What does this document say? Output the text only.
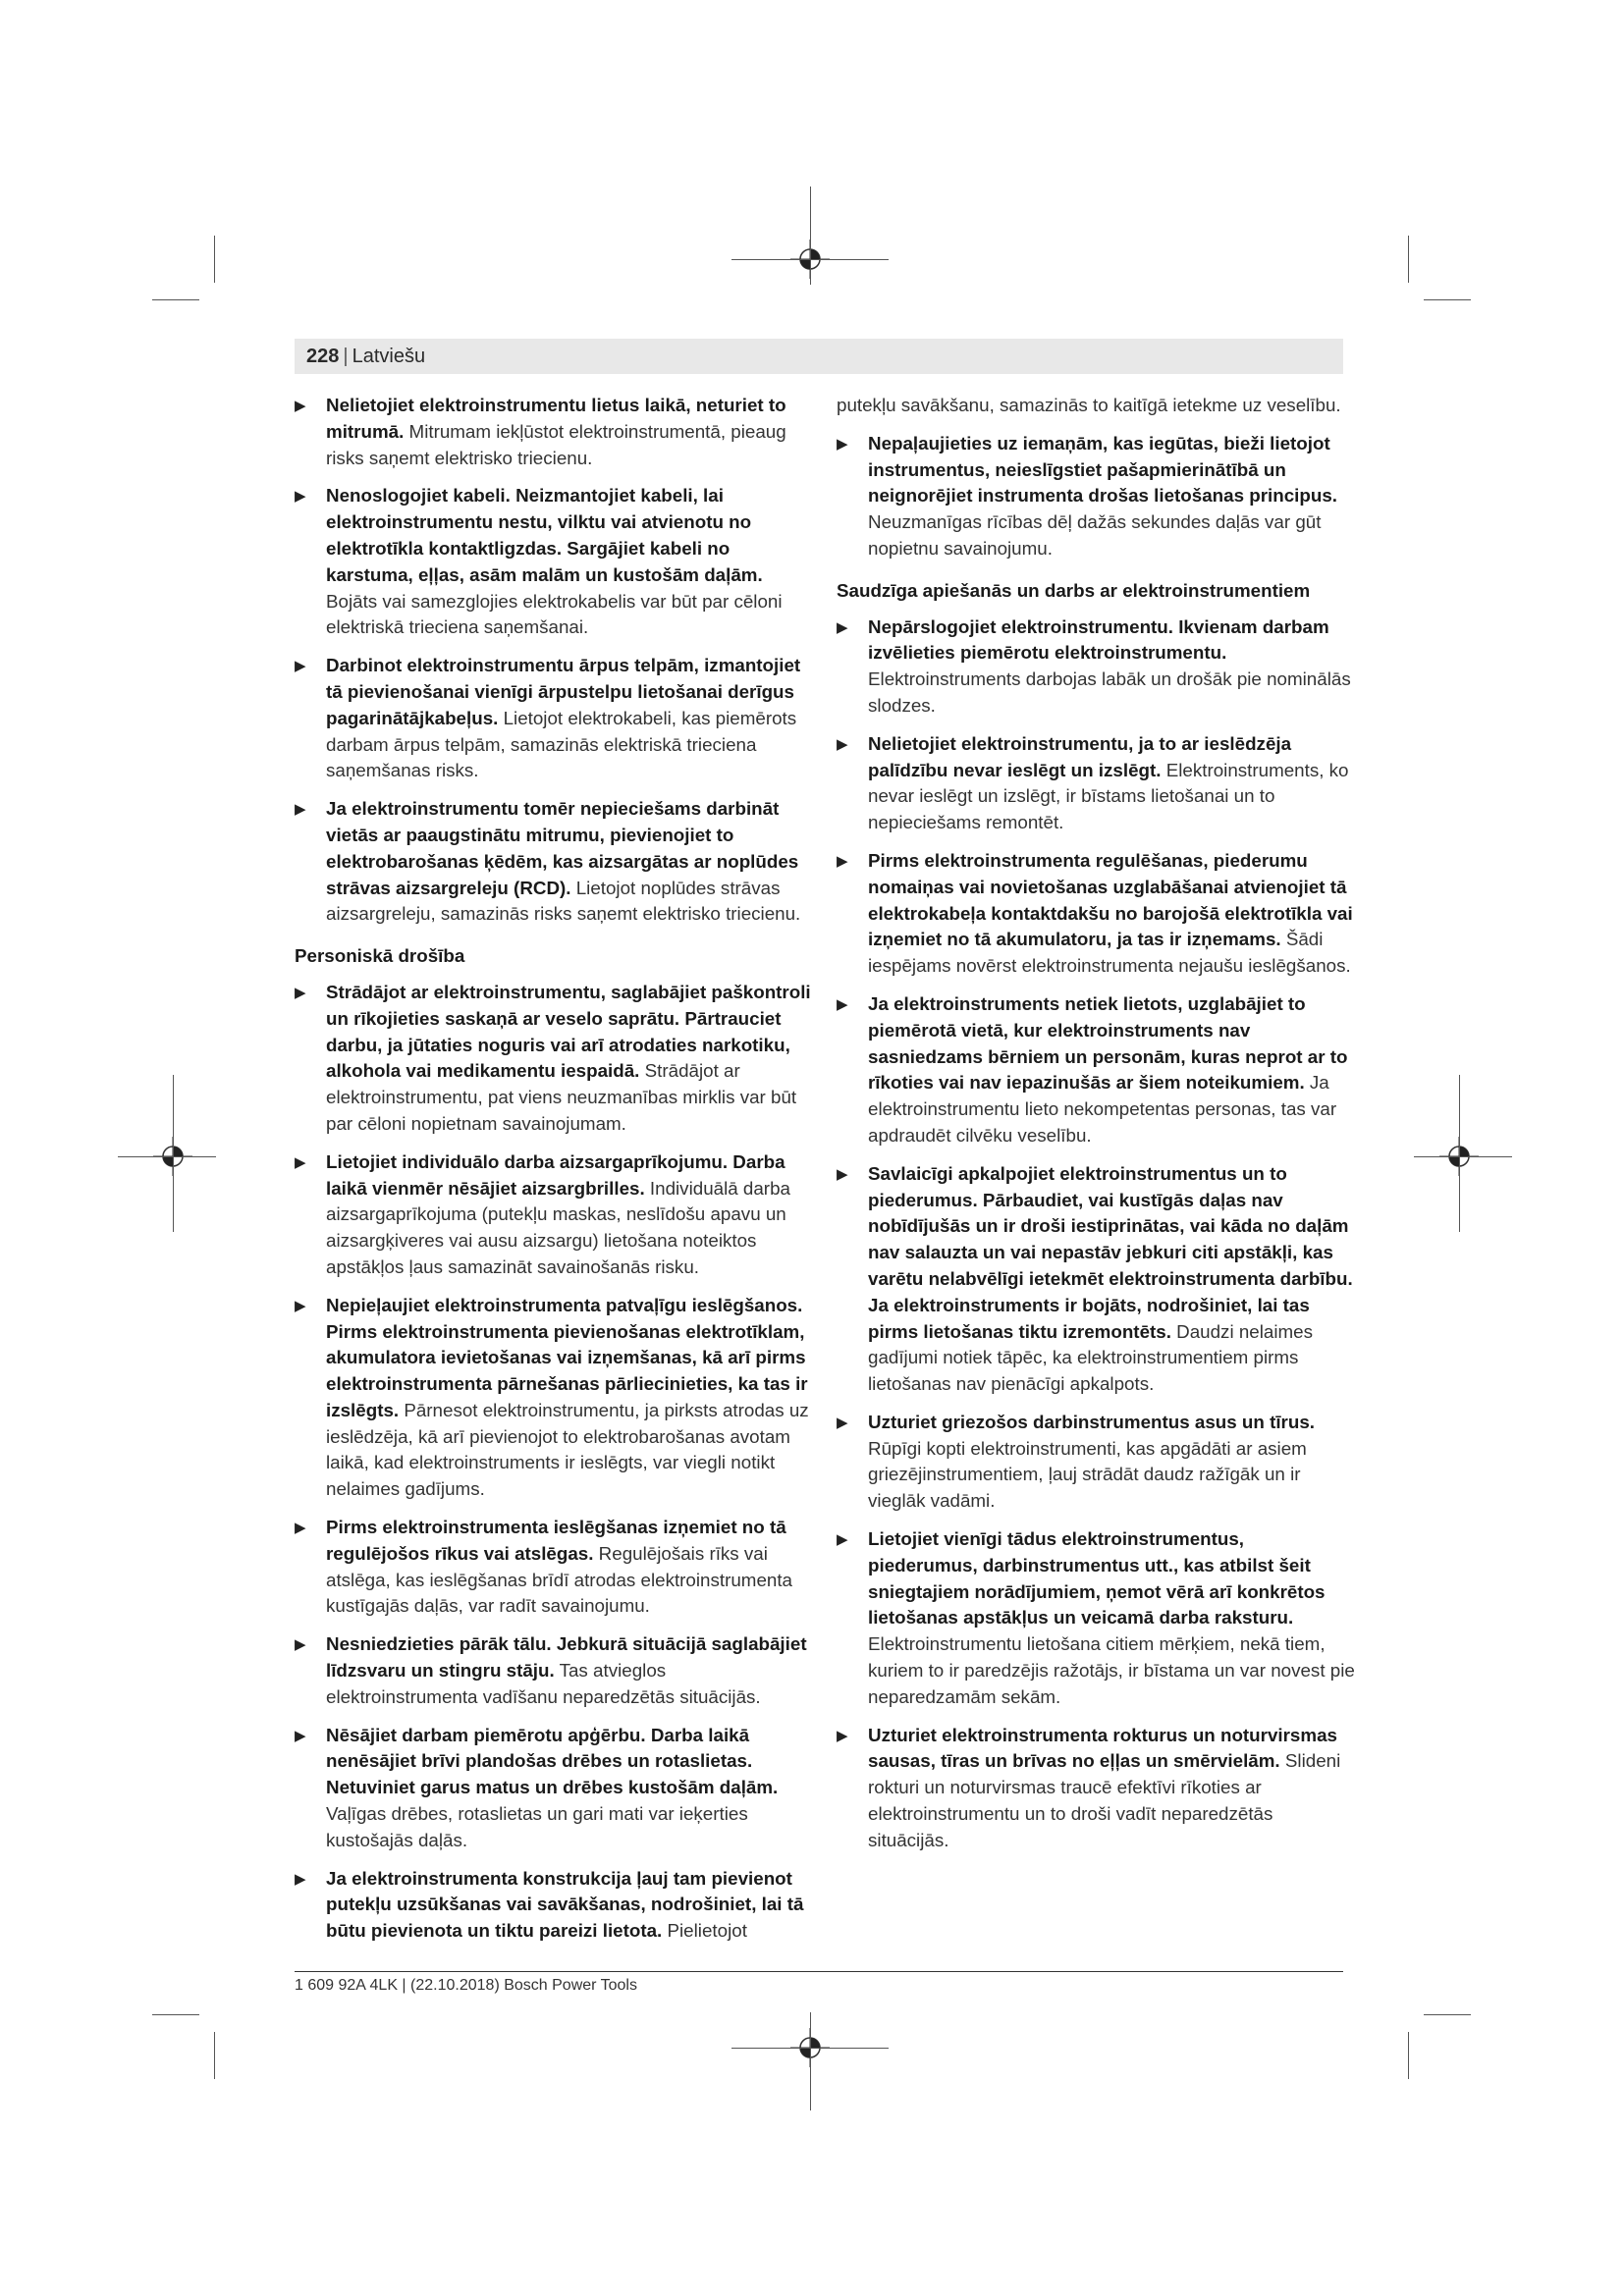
228 | Latviešu
▶ Nelietojiet elektroinstrumentu lietus laikā, neturiet to mitrumā. Mitrumam iekļūstot elektroinstrumentā, pieaug risks saņemt elektrisko triecienu.
▶ Nenoslogojiet kabeli. Neizmantojiet kabeli, lai elektroinstrumentu nestu, vilktu vai atvienotu no elektrotīkla kontaktligzdas. Sargājiet kabeli no karstuma, eļļas, asām malām un kustošām daļām. Bojāts vai samezglojies elektrokabelis var būt par cēloni elektriskā trieciena saņemšanai.
▶ Darbinot elektroinstrumentu ārpus telpām, izmantojiet tā pievienošanai vienīgi ārpustelpu lietošanai derīgus pagarinātājkabeļus. Lietojot elektrokabeli, kas piemērots darbam ārpus telpām, samazinās elektriskā trieciena saņemšanas risks.
▶ Ja elektroinstrumentu tomēr nepieciešams darbināt vietās ar paaugstinātu mitrumu, pievienojiet to elektrobarošanas ķēdēm, kas aizsargātas ar noplūdes strāvas aizsargreleju (RCD). Lietojot noplūdes strāvas aizsargreleju, samazinās risks saņemt elektrisko triecienu.
Personiskā drošība
▶ Strādājot ar elektroinstrumentu, saglabājiet paškontroli un rīkojieties saskaņā ar veselo saprātu. Pārtrauciet darbu, ja jūtaties noguris vai arī atrodaties narkotiku, alkohola vai medikamentu iespaidā. Strādājot ar elektroinstrumentu, pat viens neuzmanības mirklis var būt par cēloni nopietnam savainojumam.
▶ Lietojiet individuālo darba aizsargaprīkojumu. Darba laikā vienmēr nēsājiet aizsargbrilles. Individuālā darba aizsargaprīkojuma (putekļu maskas, neslīdošu apavu un aizsargķiveres vai ausu aizsargu) lietošana noteiktos apstākļos ļaus samazināt savainošanās risku.
▶ Nepieļaujiet elektroinstrumenta patvaļīgu ieslēgšanos. Pirms elektroinstrumenta pievienošanas elektrotīklam, akumulatora ievietošanas vai izņemšanas, kā arī pirms elektroinstrumenta pārnešanas pārliecinieties, ka tas ir izslēgts. Pārnesot elektroinstrumentu, ja pirksts atrodas uz ieslēdzēja, kā arī pievienojot to elektrobarošanas avotam laikā, kad elektroinstruments ir ieslēgts, var viegli notikt nelaimes gadījums.
▶ Pirms elektroinstrumenta ieslēgšanas izņemiet no tā regulējošos rīkus vai atslēgas. Regulējošais rīks vai atslēga, kas ieslēgšanas brīdī atrodas elektroinstrumenta kustīgajās daļās, var radīt savainojumu.
▶ Nesniedzieties pārāk tālu. Jebkurā situācijā saglabājiet līdzsvaru un stingru stāju. Tas atvieglos elektroinstrumenta vadīšanu neparedzētās situācijās.
▶ Nēsājiet darbam piemērotu apģērbu. Darba laikā nenēsājiet brīvi plandošas drēbes un rotaslietas. Netuviniet garus matus un drēbes kustošām daļām. Vaļīgas drēbes, rotaslietas un gari mati var ieķerties kustošajās daļās.
▶ Ja elektroinstrumenta konstrukcija ļauj tam pievienot putekļu uzsūkšanas vai savākšanas, nodrošiniet, lai tā būtu pievienota un tiktu pareizi lietota. Pielietojot
putekļu savākšanu, samazinās to kaitīgā ietekme uz veselību.
▶ Nepaļaujieties uz iemaņām, kas iegūtas, bieži lietojot instrumentus, neieslīgstiet pašapmierinātībā un neignorējiet instrumenta drošas lietošanas principus. Neuzmanīgas rīcības dēļ dažās sekundes daļās var gūt nopietnu savainojumu.
Saudzīga apiešanās un darbs ar elektroinstrumentiem
▶ Nepārslogojiet elektroinstrumentu. Ikvienam darbam izvēlieties piemērotu elektroinstrumentu. Elektroinstruments darbojas labāk un drošāk pie nominālās slodzes.
▶ Nelietojiet elektroinstrumentu, ja to ar ieslēdzēja palīdzību nevar ieslēgt un izslēgt. Elektroinstruments, ko nevar ieslēgt un izslēgt, ir bīstams lietošanai un to nepieciešams remontēt.
▶ Pirms elektroinstrumenta regulēšanas, piederumu nomaiņas vai novietošanas uzglabāšanai atvienojiet tā elektrokabeļa kontaktdakšu no barojošā elektrotīkla vai izņemiet no tā akumulatoru, ja tas ir izņemams. Šādi iespējams novērst elektroinstrumenta nejaušu ieslēgšanos.
▶ Ja elektroinstruments netiek lietots, uzglabājiet to piemērotā vietā, kur elektroinstruments nav sasniedzams bērniem un personām, kuras neprot ar to rīkoties vai nav iepazinušās ar šiem noteikumiem. Ja elektroinstrumentu lieto nekompetentas personas, tas var apdraudēt cilvēku veselību.
▶ Savlaicīgi apkalpojiet elektroinstrumentus un to piederumus. Pārbaudiet, vai kustīgās daļas nav nobīdījušās un ir droši iestiprinātas, vai kāda no daļām nav salauzta un vai nepastāv jebkuri citi apstākļi, kas varētu nelabvēlīgi ietekmēt elektroinstrumenta darbību. Ja elektroinstruments ir bojāts, nodrošiniet, lai tas pirms lietošanas tiktu izremontēts. Daudzi nelaimes gadījumi notiek tāpēc, ka elektroinstrumentiem pirms lietošanas nav pienācīgi apkalpots.
▶ Uzturiet griezošos darbinstrumentus asus un tīrus. Rūpīgi kopti elektroinstrumenti, kas apgādāti ar asiem griezējinstrumentiem, ļauj strādāt daudz ražīgāk un ir vieglāk vadāmi.
▶ Lietojiet vienīgi tādus elektroinstrumentus, piederumus, darbinstrumentus utt., kas atbilst šeit sniegtajiem norādījumiem, ņemot vērā arī konkrētos lietošanas apstākļus un veicamā darba raksturu. Elektroinstrumentu lietošana citiem mērķiem, nekā tiem, kuriem to ir paredzējis ražotājs, ir bīstama un var novest pie neparedzamām sekām.
▶ Uzturiet elektroinstrumenta rokturus un noturvirsmas sausas, tīras un brīvas no eļļas un smērvielām. Slideni rokturi un noturvirsmas traucē efektīvi rīkoties ar elektroinstrumentu un to droši vadīt neparedzētās situācijās.
1 609 92A 4LK | (22.10.2018) Bosch Power Tools
